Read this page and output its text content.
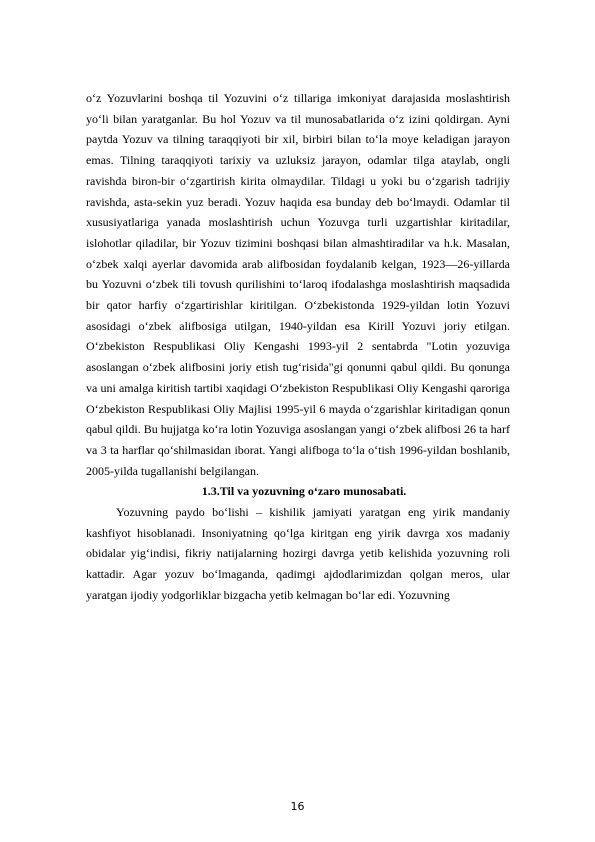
o‘z Yozuvlarini boshqa til Yozuvini o‘z tillariga imkoniyat darajasida moslashtirish yo‘li bilan yaratganlar. Bu hol Yozuv va til munosabatlarida o‘z izini qoldirgan. Ayni paytda Yozuv va tilning taraqqiyoti bir xil, birbiri bilan to‘la moye keladigan jarayon emas. Tilning taraqqiyoti tarixiy va uzluksiz jarayon, odamlar tilga ataylab, ongli ravishda biron-bir o‘zgartirish kirita olmaydilar. Tildagi u yoki bu o‘zgarish tadrijiy ravishda, asta-sekin yuz beradi. Yozuv haqida esa bunday deb bo‘lmaydi. Odamlar til xususiyatlariga yanada moslashtirish uchun Yozuvga turli uzgartishlar kiritadilar, islohotlar qiladilar, bir Yozuv tizimini boshqasi bilan almashtiradilar va h.k. Masalan, o‘zbek xalqi ayerlar davomida arab alifbosidan foydalanib kelgan, 1923—26-yillarda bu Yozuvni o‘zbek tili tovush qurilishini to‘laroq ifodalashga moslashtirish maqsadida bir qator harfiy o‘zgartirishlar kiritilgan. O‘zbekistonda 1929-yildan lotin Yozuvi asosidagi o‘zbek alifbosiga utilgan, 1940-yildan esa Kirill Yozuvi joriy etilgan. O‘zbekiston Respublikasi Oliy Kengashi 1993-yil 2 sentabrda "Lotin yozuviga asoslangan o‘zbek alifbosini joriy etish tug‘risida"gi qonunni qabul qildi. Bu qonunga va uni amalga kiritish tartibi xaqidagi O‘zbekiston Respublikasi Oliy Kengashi qaroriga O‘zbekiston Respublikasi Oliy Majlisi 1995-yil 6 mayda o‘zgarishlar kiritadigan qonun qabul qildi. Bu hujjatga ko‘ra lotin Yozuviga asoslangan yangi o‘zbek alifbosi 26 ta harf va 3 ta harflar qo‘shilmasidan iborat. Yangi alifboga to‘la o‘tish 1996-yildan boshlanib, 2005-yilda tugallanishi belgilangan.

1.3.Til va yozuvning o‘zaro munosabati.

Yozuvning paydo bo‘lishi – kishilik jamiyati yaratgan eng yirik mandaniy kashfiyot hisoblanadi. Insoniyatning qo‘lga kiritgan eng yirik davrga xos madaniy obidalar yig‘indisi, fikriy natijalarning hozirgi davrga yetib kelishida yozuvning roli kattadir. Agar yozuv bo‘lmaganda, qadimgi ajdodlarimizdan qolgan meros, ular yaratgan ijodiy yodgorliklar bizgacha yetib kelmagan bo‘lar edi. Yozuvning

16
